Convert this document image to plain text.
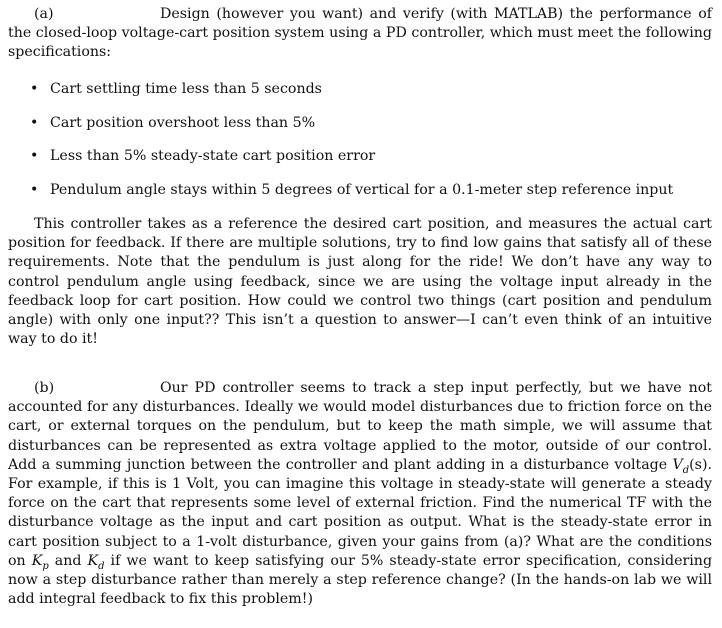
(a)	Design (however you want) and verify (with MATLAB) the performance of the closed-loop voltage-cart position system using a PD controller, which must meet the following specifications:

• Cart settling time less than 5 seconds
• Cart position overshoot less than 5%
• Less than 5% steady-state cart position error
• Pendulum angle stays within 5 degrees of vertical for a 0.1-meter step reference input

This controller takes as a reference the desired cart position, and measures the actual cart position for feedback. If there are multiple solutions, try to find low gains that satisfy all of these requirements. Note that the pendulum is just along for the ride! We don’t have any way to control pendulum angle using feedback, since we are using the voltage input already in the feedback loop for cart position. How could we control two things (cart position and pendulum angle) with only one input?? This isn’t a question to answer—I can’t even think of an intuitive way to do it!

(b)	Our PD controller seems to track a step input perfectly, but we have not accounted for any disturbances. Ideally we would model disturbances due to friction force on the cart, or external torques on the pendulum, but to keep the math simple, we will assume that disturbances can be represented as extra voltage applied to the motor, outside of our control. Add a summing junction between the controller and plant adding in a disturbance voltage $V_d(s)$. For example, if this is 1 Volt, you can imagine this voltage in steady-state will generate a steady force on the cart that represents some level of external friction. Find the numerical TF with the disturbance voltage as the input and cart position as output. What is the steady-state error in cart position subject to a 1-volt disturbance, given your gains from (a)? What are the conditions on $K_p$ and $K_d$ if we want to keep satisfying our 5% steady-state error specification, considering now a step disturbance rather than merely a step reference change? (In the hands-on lab we will add integral feedback to fix this problem!)
